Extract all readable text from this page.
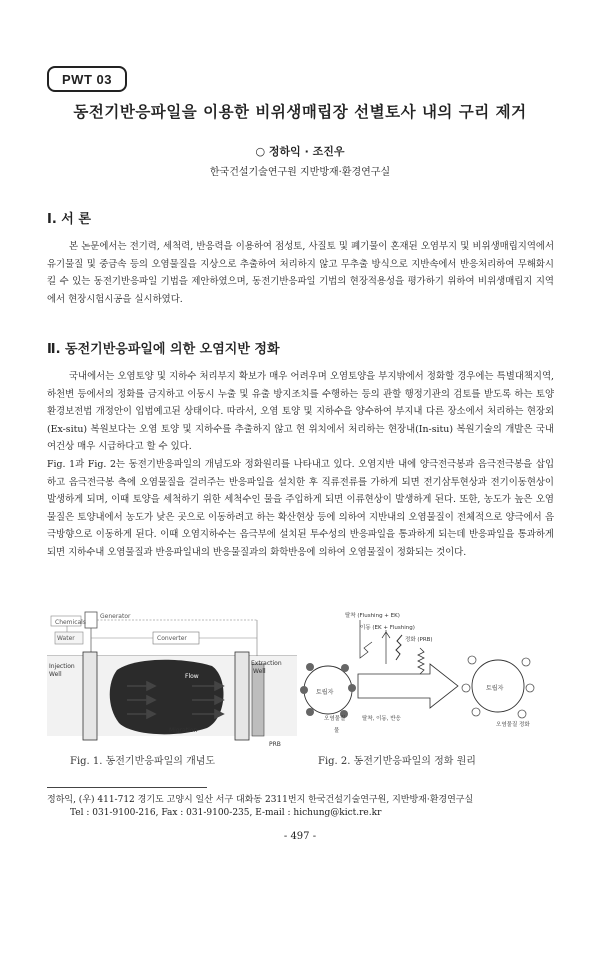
PWT 03
동전기반응파일을 이용한 비위생매립장 선별토사 내의 구리 제거
○ 정하익 · 조진우
한국건설기술연구원 지반방재·환경연구실
Ⅰ. 서 론

본 논문에서는 전기력, 세척력, 반응력을 이용하여 점성토, 사질토 및 폐기물이 혼재된 오염부지 및 비위생매립지역에서 유기물질 및 중금속 등의 오염물질을 지상으로 추출하여 처리하지 않고 무추출 방식으로 지반속에서 반응처리하여 무해화시킬 수 있는 동전기반응파일 기법을 제안하였으며, 동전기반응파일 기법의 현장적용성을 평가하기 위하여 비위생매립지 지역에서 현장시험시공을 실시하였다.

Ⅱ. 동전기반응파일에 의한 오염지반 정화

국내에서는 오염토양 및 지하수 처리부지 확보가 매우 어려우며 오염토양을 부지밖에서 정화할 경우에는 특별대책지역, 하천변 등에서의 정화를 금지하고 이동시 누출 및 유출 방지조치를 수행하는 등의 관할 행정기관의 검토를 받도록 하는 토양환경보전법 개정안이 입법예고된 상태이다. 따라서, 오염 토양 및 지하수을 양수하여 부지내 다른 장소에서 처리하는 현장외(Ex-situ) 복원보다는 오염 토양 및 지하수를 추출하지 않고 현 위치에서 처리하는 현장내(In-situ) 복원기술의 개발은 국내 여건상 매우 시급하다고 할 수 있다.

Fig. 1과 Fig. 2는 동전기반응파일의 개념도와 정화원리를 나타내고 있다. 오염지반 내에 양극전극봉과 음극전극봉을 삽입하고 음극전극봉 측에 오염물질을 걸러주는 반응파일을 설치한 후 직류전류를 가하게 되면 전기삼투현상과 전기이동현상이 발생하게 되며, 이때 토양을 세척하기 위한 세척수인 물을 주입하게 되면 이류현상이 발생하게 된다. 또한, 농도가 높은 오염물질은 토양내에서 농도가 낮은 곳으로 이동하려고 하는 확산현상 등에 의하여 지반내의 오염물질이 전체적으로 양극에서 음극방향으로 이동하게 된다. 이때 오염지하수는 음극부에 설치된 투수성의 반응파일을 통과하게 되는데 반응파일을 통과하게 되면 지하수내 오염물질과 반응파일내의 반응물질과의 화학반응에 의하여 오염물질이 정화되는 것이다.

Chemicals
Generator
Water	Converter
Injection
Well	Flow
Extraction
Well
Migration
PRB
Fig. 1. 동전기반응파일의 개념도
탈착 (Flushing + EK)
이동 (EK + Flushing)
정화 (PRB)
토립자
오염물질
물
탈착, 이동, 반응
토립자
오염물질 정화
Fig. 2. 동전기반응파일의 정화 원리
정하익, (우) 411-712 경기도 고양시 일산 서구 대화동 2311번지 한국건설기술연구원, 지반방재·환경연구실
Tel : 031-9100-216, Fax : 031-9100-235, E-mail : hichung@kict.re.kr
- 497 -
